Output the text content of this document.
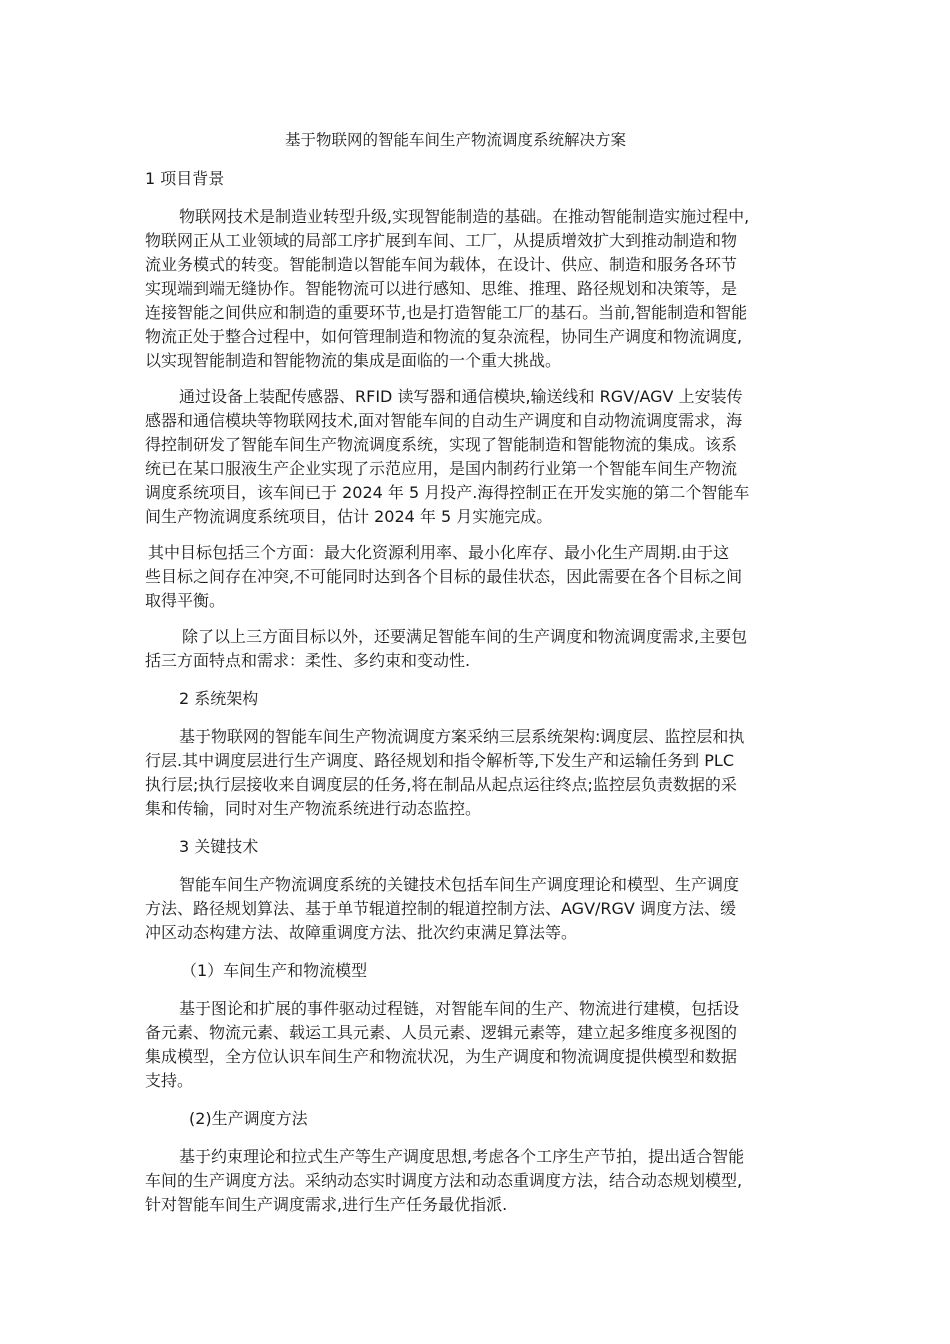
基于物联网的智能车间生产物流调度系统解决方案
1 项目背景
物联网技术是制造业转型升级,实现智能制造的基础。在推动智能制造实施过程中,
物联网正从工业领域的局部工序扩展到车间、工厂，从提质增效扩大到推动制造和物
流业务模式的转变。智能制造以智能车间为载体，在设计、供应、制造和服务各环节
实现端到端无缝协作。智能物流可以进行感知、思维、推理、路径规划和决策等，是
连接智能之间供应和制造的重要环节,也是打造智能工厂的基石。当前,智能制造和智能
物流正处于整合过程中，如何管理制造和物流的复杂流程，协同生产调度和物流调度,
以实现智能制造和智能物流的集成是面临的一个重大挑战。
通过设备上装配传感器、RFID 读写器和通信模块,输送线和 RGV/AGV 上安装传
感器和通信模块等物联网技术,面对智能车间的自动生产调度和自动物流调度需求，海
得控制研发了智能车间生产物流调度系统，实现了智能制造和智能物流的集成。该系
统已在某口服液生产企业实现了示范应用，是国内制药行业第一个智能车间生产物流
调度系统项目，该车间已于 2024 年 5 月投产.海得控制正在开发实施的第二个智能车
间生产物流调度系统项目，估计 2024 年 5 月实施完成。
其中目标包括三个方面：最大化资源利用率、最小化库存、最小化生产周期.由于这
些目标之间存在冲突,不可能同时达到各个目标的最佳状态，因此需要在各个目标之间
取得平衡。
除了以上三方面目标以外，还要满足智能车间的生产调度和物流调度需求,主要包
括三方面特点和需求：柔性、多约束和变动性.
2 系统架构
基于物联网的智能车间生产物流调度方案采纳三层系统架构:调度层、监控层和执
行层.其中调度层进行生产调度、路径规划和指令解析等,下发生产和运输任务到 PLC
执行层;执行层接收来自调度层的任务,将在制品从起点运往终点;监控层负责数据的采
集和传输，同时对生产物流系统进行动态监控。
3 关键技术
智能车间生产物流调度系统的关键技术包括车间生产调度理论和模型、生产调度
方法、路径规划算法、基于单节辊道控制的辊道控制方法、AGV/RGV 调度方法、缓
冲区动态构建方法、故障重调度方法、批次约束满足算法等。
（1）车间生产和物流模型
基于图论和扩展的事件驱动过程链，对智能车间的生产、物流进行建模，包括设
备元素、物流元素、载运工具元素、人员元素、逻辑元素等，建立起多维度多视图的
集成模型，全方位认识车间生产和物流状况，为生产调度和物流调度提供模型和数据
支持。
(2)生产调度方法
基于约束理论和拉式生产等生产调度思想,考虑各个工序生产节拍，提出适合智能
车间的生产调度方法。采纳动态实时调度方法和动态重调度方法，结合动态规划模型,
针对智能车间生产调度需求,进行生产任务最优指派.
